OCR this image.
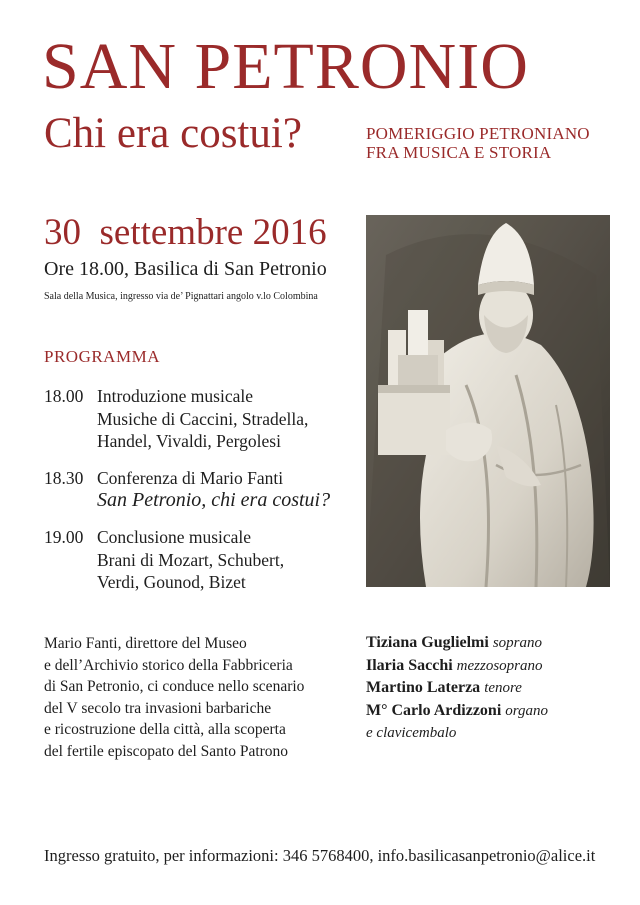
SAN PETRONIO
Chi era costui?	POMERIGGIO PETRONIANO
FRA MUSICA E STORIA
30  settembre 2016
Ore 18.00, Basilica di San Petronio
Sala della Musica, ingresso via de’ Pignattari angolo v.lo Colombina
PROGRAMMA
18.00 Introduzione musicale
Musiche di Caccini, Stradella,
Handel, Vivaldi, Pergolesi
18.30 Conferenza di Mario Fanti
San Petronio, chi era costui?
19.00 Conclusione musicale
Brani di Mozart, Schubert,
Verdi, Gounod, Bizet
Mario Fanti, direttore del Museo
e dell’Archivio storico della Fabbriceria
di San Petronio, ci conduce nello scenario
del V secolo tra invasioni barbariche
e ricostruzione della città, alla scoperta
del fertile episcopato del Santo Patrono
Tiziana Guglielmi soprano
Ilaria Sacchi mezzosoprano
Martino Laterza tenore
M° Carlo Ardizzoni organo
e clavicembalo
Ingresso gratuito, per informazioni: 346 5768400, info.basilicasanpetronio@alice.it
